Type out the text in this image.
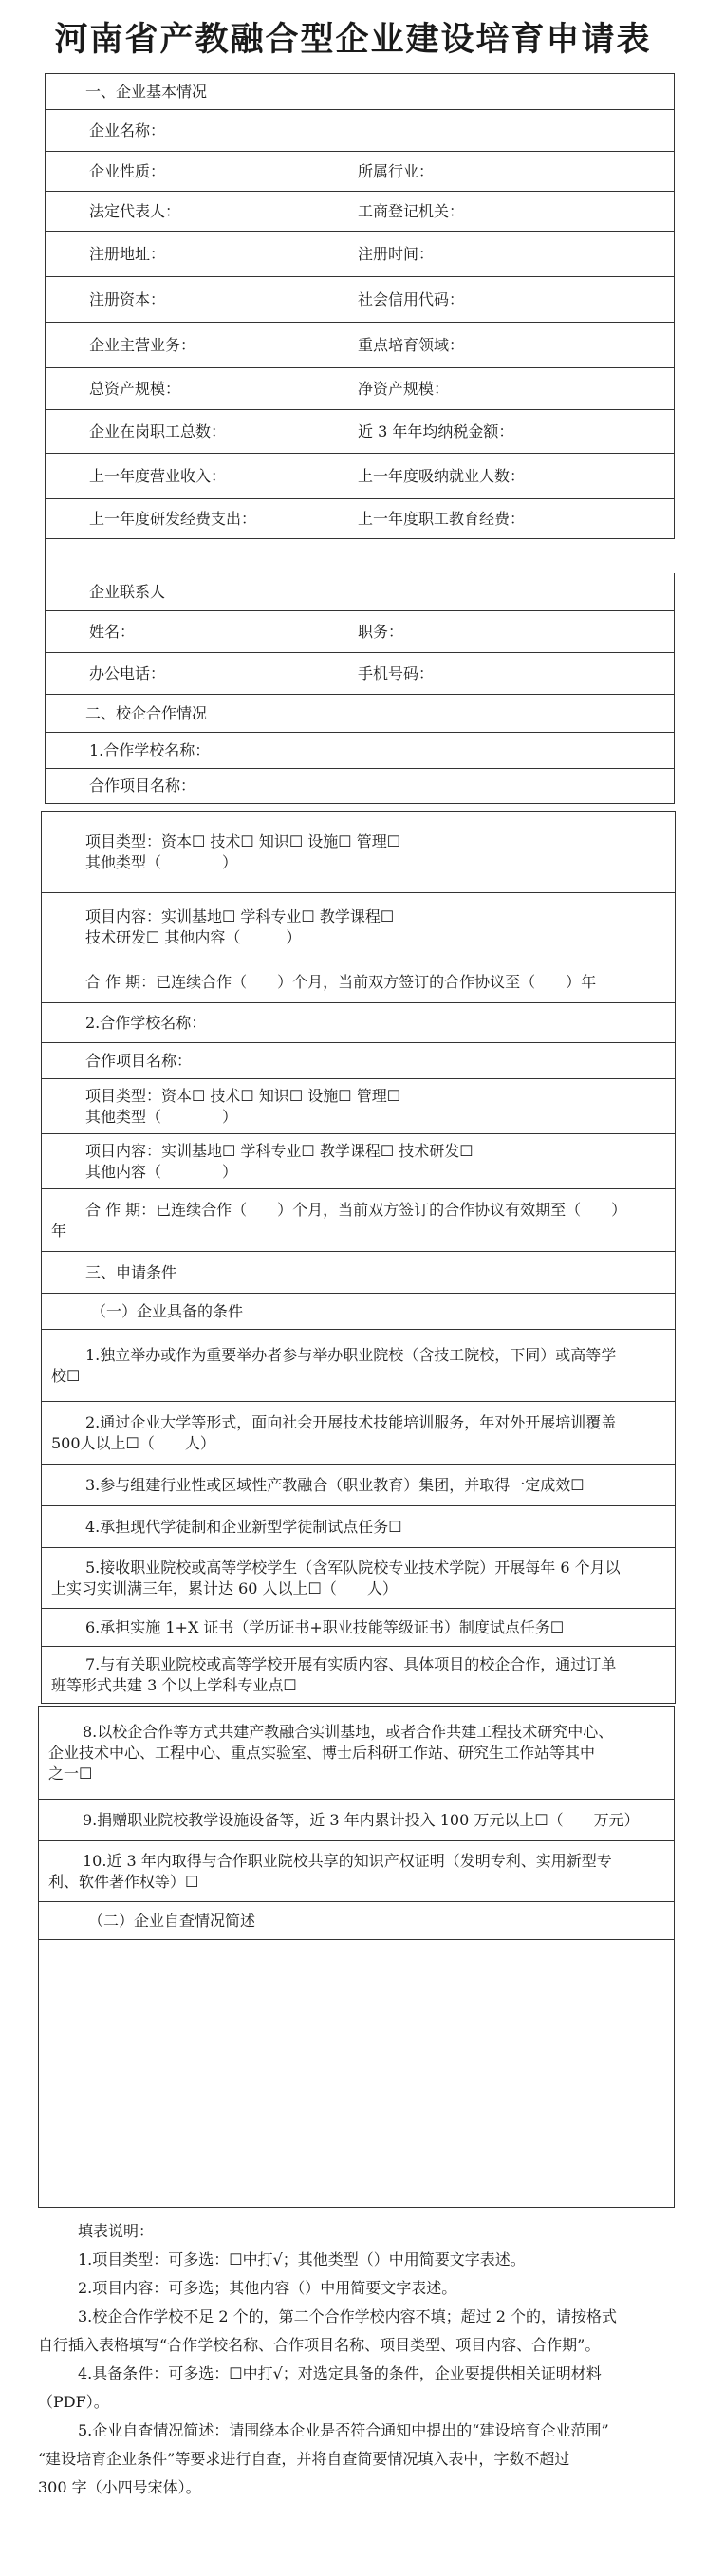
河南省产教融合型企业建设培育申请表
一、企业基本情况
企业名称：
企业性质：	所属行业：
法定代表人：	工商登记机关：
注册地址：	注册时间：
注册资本：	社会信用代码：
企业主营业务：	重点培育领域：
总资产规模：	净资产规模：
企业在岗职工总数：	近 3 年年均纳税金额：
上一年度营业收入：	上一年度吸纳就业人数：
上一年度研发经费支出：	上一年度职工教育经费：
企业联系人
姓名：	职务：
办公电话：	手机号码：
二、校企合作情况
1.合作学校名称：
合作项目名称：
项目类型：资本☐ 技术☐ 知识☐ 设施☐ 管理☐
其他类型（　　　　）
项目内容：实训基地☐ 学科专业☐ 教学课程☐
技术研发☐ 其他内容（　　　）
合 作 期：已连续合作（　　）个月，当前双方签订的合作协议至（　　）年
2.合作学校名称：
合作项目名称：
项目类型：资本☐ 技术☐ 知识☐ 设施☐ 管理☐
其他类型（　　　　）
项目内容：实训基地☐ 学科专业☐ 教学课程☐ 技术研发☐
其他内容（　　　　）
合 作 期：已连续合作（　　）个月，当前双方签订的合作协议有效期至（　　）
年
三、申请条件
（一）企业具备的条件
1.独立举办或作为重要举办者参与举办职业院校（含技工院校，下同）或高等学
校☐
2.通过企业大学等形式，面向社会开展技术技能培训服务，年对外开展培训覆盖
500人以上☐（　　人）
3.参与组建行业性或区域性产教融合（职业教育）集团，并取得一定成效☐
4.承担现代学徒制和企业新型学徒制试点任务☐
5.接收职业院校或高等学校学生（含军队院校专业技术学院）开展每年 6 个月以
上实习实训满三年，累计达 60 人以上☐（　　人）
6.承担实施 1+X 证书（学历证书+职业技能等级证书）制度试点任务☐
7.与有关职业院校或高等学校开展有实质内容、具体项目的校企合作，通过订单
班等形式共建 3 个以上学科专业点☐
8.以校企合作等方式共建产教融合实训基地，或者合作共建工程技术研究中心、
企业技术中心、工程中心、重点实验室、博士后科研工作站、研究生工作站等其中
之一☐
9.捐赠职业院校教学设施设备等，近 3 年内累计投入 100 万元以上☐（　　万元）
10.近 3 年内取得与合作职业院校共享的知识产权证明（发明专利、实用新型专
利、软件著作权等）☐
（二）企业自查情况简述
填表说明：
1.项目类型：可多选：☐中打√；其他类型（）中用简要文字表述。
2.项目内容：可多选；其他内容（）中用简要文字表述。
3.校企合作学校不足 2 个的，第二个合作学校内容不填；超过 2 个的，请按格式
自行插入表格填写“合作学校名称、合作项目名称、项目类型、项目内容、合作期”。
4.具备条件：可多选：☐中打√；对选定具备的条件，企业要提供相关证明材料
（PDF）。
5.企业自查情况简述：请围绕本企业是否符合通知中提出的“建设培育企业范围”
“建设培育企业条件”等要求进行自查，并将自查简要情况填入表中，字数不超过
300 字（小四号宋体）。
